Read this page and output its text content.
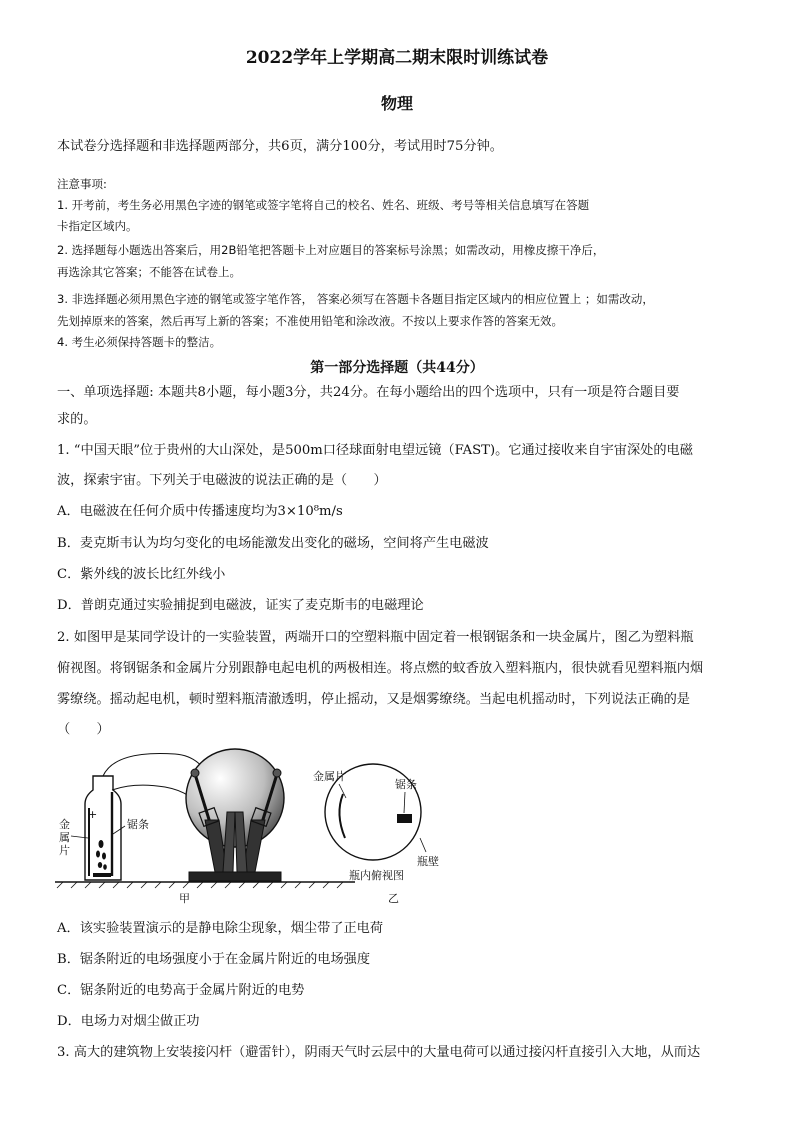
2022学年上学期高二期末限时训练试卷
物理
本试卷分选择题和非选择题两部分，共6页，满分100分，考试用时75分钟。
注意事项:
1. 开考前，考生务必用黑色字迹的钢笔或签字笔将自己的校名、姓名、班级、考号等相关信息填写在答题
卡指定区域内。
2. 选择题每小题选出答案后，用2B铅笔把答题卡上对应题目的答案标号涂黑；如需改动，用橡皮擦干净后，
再选涂其它答案；不能答在试卷上。
3. 非选择题必须用黑色字迹的钢笔或签字笔作答， 答案必须写在答题卡各题目指定区域内的相应位置上 ；如需改动，
先划掉原来的答案，然后再写上新的答案；不准使用铅笔和涂改液。不按以上要求作答的答案无效。
4. 考生必须保持答题卡的整洁。
第一部分选择题（共44分）
一、单项选择题: 本题共8小题，每小题3分，共24分。在每小题给出的四个选项中，只有一项是符合题目要
求的。
1. “中国天眼”位于贵州的大山深处，是500m口径球面射电望远镜（FAST)。它通过接收来自宇宙深处的电磁
波，探索宇宙。下列关于电磁波的说法正确的是（　　）
A．电磁波在任何介质中传播速度均为3×10⁸m/s
B．麦克斯韦认为均匀变化的电场能激发出变化的磁场，空间将产生电磁波
C．紫外线的波长比红外线小
D．普朗克通过实验捕捉到电磁波，证实了麦克斯韦的电磁理论
2. 如图甲是某同学设计的一实验装置，两端开口的空塑料瓶中固定着一根钢锯条和一块金属片，图乙为塑料瓶
俯视图。将钢锯条和金属片分别跟静电起电机的两极相连。将点燃的蚊香放入塑料瓶内，很快就看见塑料瓶内烟
雾缭绕。摇动起电机，顿时塑料瓶清澈透明，停止摇动，又是烟雾缭绕。当起电机摇动时，下列说法正确的是
（　　）
+
金
属
片
锯条
甲
金属片
锯条
瓶壁
瓶内俯视图
乙
A．该实验装置演示的是静电除尘现象，烟尘带了正电荷
B．锯条附近的电场强度小于在金属片附近的电场强度
C．锯条附近的电势高于金属片附近的电势
D．电场力对烟尘做正功
3. 高大的建筑物上安装接闪杆（避雷针），阴雨天气时云层中的大量电荷可以通过接闪杆直接引入大地，从而达
